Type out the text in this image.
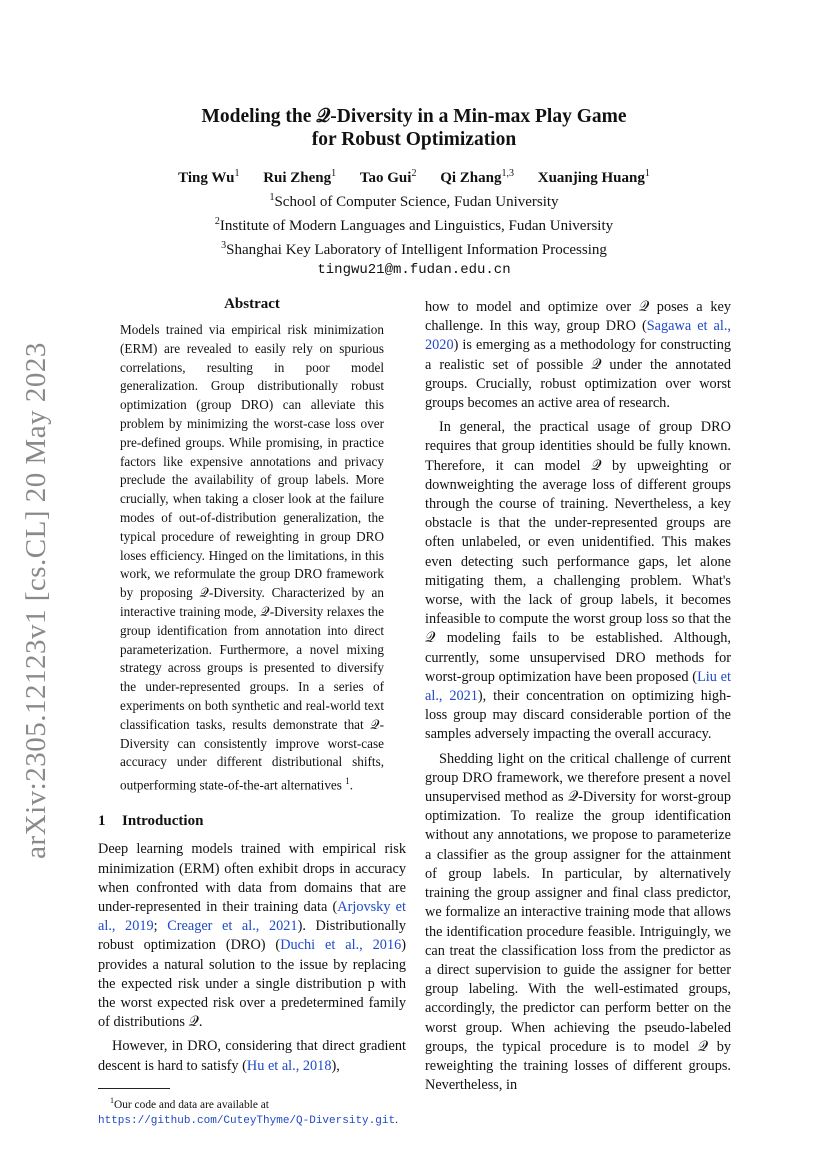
arXiv:2305.12123v1 [cs.CL] 20 May 2023
Modeling the 𝒬-Diversity in a Min-max Play Game
for Robust Optimization
Ting Wu$^1$ Rui Zheng$^1$ Tao Gui$^2$ Qi Zhang$^{1,3}$ Xuanjing Huang$^1$
$^1$School of Computer Science, Fudan University
$^2$Institute of Modern Languages and Linguistics, Fudan University
$^3$Shanghai Key Laboratory of Intelligent Information Processing
tingwu21@m.fudan.edu.cn
Abstract

Models trained via empirical risk minimization (ERM) are revealed to easily rely on spurious correlations, resulting in poor model generalization. Group distributionally robust optimization (group DRO) can alleviate this problem by minimizing the worst-case loss over pre-defined groups. While promising, in practice factors like expensive annotations and privacy preclude the availability of group labels. More crucially, when taking a closer look at the failure modes of out-of-distribution generalization, the typical procedure of reweighting in group DRO loses efficiency. Hinged on the limitations, in this work, we reformulate the group DRO framework by proposing 𝒬-Diversity. Characterized by an interactive training mode, 𝒬-Diversity relaxes the group identification from annotation into direct parameterization. Furthermore, a novel mixing strategy across groups is presented to diversify the under-represented groups. In a series of experiments on both synthetic and real-world text classification tasks, results demonstrate that 𝒬-Diversity can consistently improve worst-case accuracy under different distributional shifts, outperforming state-of-the-art alternatives $^1$.

1 Introduction

Deep learning models trained with empirical risk minimization (ERM) often exhibit drops in accuracy when confronted with data from domains that are under-represented in their training data (Arjovsky et al., 2019; Creager et al., 2021). Distributionally robust optimization (DRO) (Duchi et al., 2016) provides a natural solution to the issue by replacing the expected risk under a single distribution p with the worst expected risk over a predetermined family of distributions 𝒬.

However, in DRO, considering that direct gradient descent is hard to satisfy (Hu et al., 2018),

$^1$Our code and data are available at https://github.com/CuteyThyme/Q-Diversity.git.

how to model and optimize over 𝒬 poses a key challenge. In this way, group DRO (Sagawa et al., 2020) is emerging as a methodology for constructing a realistic set of possible 𝒬 under the annotated groups. Crucially, robust optimization over worst groups becomes an active area of research.

In general, the practical usage of group DRO requires that group identities should be fully known. Therefore, it can model 𝒬 by upweighting or downweighting the average loss of different groups through the course of training. Nevertheless, a key obstacle is that the under-represented groups are often unlabeled, or even unidentified. This makes even detecting such performance gaps, let alone mitigating them, a challenging problem. What's worse, with the lack of group labels, it becomes infeasible to compute the worst group loss so that the 𝒬 modeling fails to be established. Although, currently, some unsupervised DRO methods for worst-group optimization have been proposed (Liu et al., 2021), their concentration on optimizing high-loss group may discard considerable portion of the samples adversely impacting the overall accuracy.

Shedding light on the critical challenge of current group DRO framework, we therefore present a novel unsupervised method as 𝒬-Diversity for worst-group optimization. To realize the group identification without any annotations, we propose to parameterize a classifier as the group assigner for the attainment of group labels. In particular, by alternatively training the group assigner and final class predictor, we formalize an interactive training mode that allows the identification procedure feasible. Intriguingly, we can treat the classification loss from the predictor as a direct supervision to guide the assigner for better group labeling. With the well-estimated groups, accordingly, the predictor can perform better on the worst group. When achieving the pseudo-labeled groups, the typical procedure is to model 𝒬 by reweighting the training losses of different groups. Nevertheless, in
